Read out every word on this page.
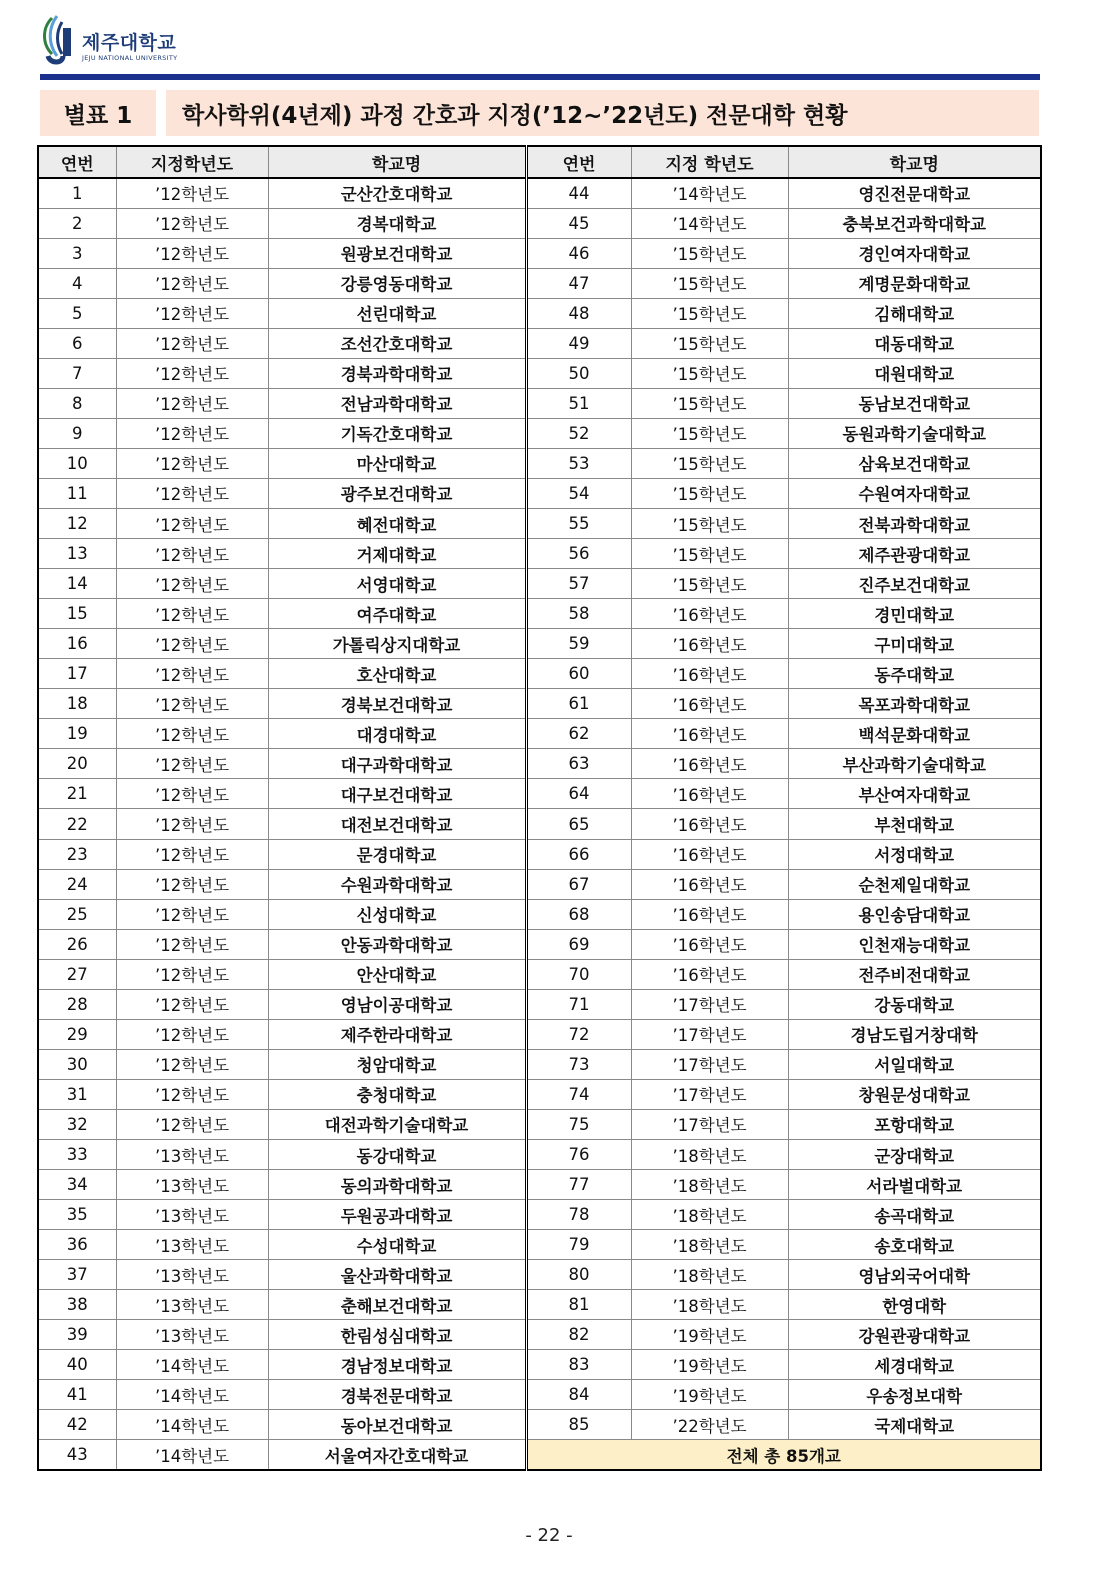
제주대학교
JEJU NATIONAL UNIVERSITY
별표 1	학사학위(4년제) 과정 간호과 지정(’12~’22년도) 전문대학 현황
연번	지정학년도	학교명	연번	지정 학년도	학교명
1	’12학년도	군산간호대학교	44	’14학년도	영진전문대학교
2	’12학년도	경복대학교	45	’14학년도	충북보건과학대학교
3	’12학년도	원광보건대학교	46	’15학년도	경인여자대학교
4	’12학년도	강릉영동대학교	47	’15학년도	계명문화대학교
5	’12학년도	선린대학교	48	’15학년도	김해대학교
6	’12학년도	조선간호대학교	49	’15학년도	대동대학교
7	’12학년도	경북과학대학교	50	’15학년도	대원대학교
8	’12학년도	전남과학대학교	51	’15학년도	동남보건대학교
9	’12학년도	기독간호대학교	52	’15학년도	동원과학기술대학교
10	’12학년도	마산대학교	53	’15학년도	삼육보건대학교
11	’12학년도	광주보건대학교	54	’15학년도	수원여자대학교
12	’12학년도	혜전대학교	55	’15학년도	전북과학대학교
13	’12학년도	거제대학교	56	’15학년도	제주관광대학교
14	’12학년도	서영대학교	57	’15학년도	진주보건대학교
15	’12학년도	여주대학교	58	’16학년도	경민대학교
16	’12학년도	가톨릭상지대학교	59	’16학년도	구미대학교
17	’12학년도	호산대학교	60	’16학년도	동주대학교
18	’12학년도	경북보건대학교	61	’16학년도	목포과학대학교
19	’12학년도	대경대학교	62	’16학년도	백석문화대학교
20	’12학년도	대구과학대학교	63	’16학년도	부산과학기술대학교
21	’12학년도	대구보건대학교	64	’16학년도	부산여자대학교
22	’12학년도	대전보건대학교	65	’16학년도	부천대학교
23	’12학년도	문경대학교	66	’16학년도	서정대학교
24	’12학년도	수원과학대학교	67	’16학년도	순천제일대학교
25	’12학년도	신성대학교	68	’16학년도	용인송담대학교
26	’12학년도	안동과학대학교	69	’16학년도	인천재능대학교
27	’12학년도	안산대학교	70	’16학년도	전주비전대학교
28	’12학년도	영남이공대학교	71	’17학년도	강동대학교
29	’12학년도	제주한라대학교	72	’17학년도	경남도립거창대학
30	’12학년도	청암대학교	73	’17학년도	서일대학교
31	’12학년도	충청대학교	74	’17학년도	창원문성대학교
32	’12학년도	대전과학기술대학교	75	’17학년도	포항대학교
33	’13학년도	동강대학교	76	’18학년도	군장대학교
34	’13학년도	동의과학대학교	77	’18학년도	서라벌대학교
35	’13학년도	두원공과대학교	78	’18학년도	송곡대학교
36	’13학년도	수성대학교	79	’18학년도	송호대학교
37	’13학년도	울산과학대학교	80	’18학년도	영남외국어대학
38	’13학년도	춘해보건대학교	81	’18학년도	한영대학
39	’13학년도	한림성심대학교	82	’19학년도	강원관광대학교
40	’14학년도	경남정보대학교	83	’19학년도	세경대학교
41	’14학년도	경북전문대학교	84	’19학년도	우송정보대학
42	’14학년도	동아보건대학교	85	’22학년도	국제대학교
43	’14학년도	서울여자간호대학교	전체 총 85개교		
- 22 -
